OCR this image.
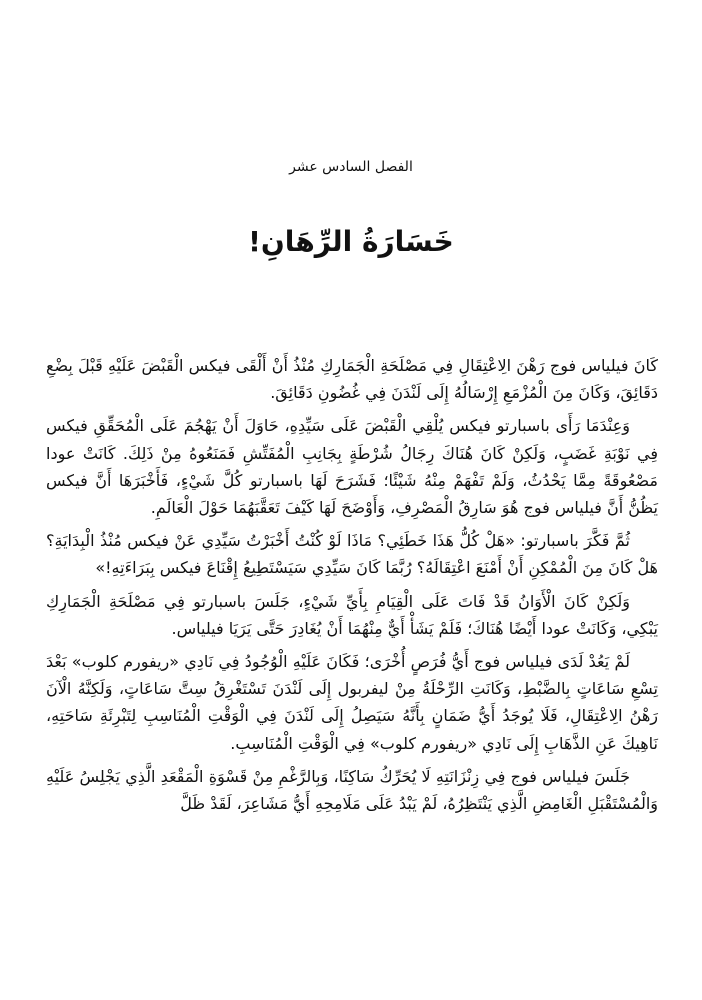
الفصل السادس عشر
خَسَارَةُ الرِّهَانِ!

كَانَ فيلياس فوج رَهْنَ الِاعْتِقَالِ فِي مَصْلَحَةِ الْجَمَارِكِ مُنْذُ أَنْ أَلْقَى فيكس الْقَبْضَ عَلَيْهِ قَبْلَ بِضْعِ دَقَائِقَ، وَكَانَ مِنَ الْمُزْمَعِ إِرْسَالُهُ إِلَى لَنْدَنَ فِي غُضُونِ دَقَائِقَ.

وَعِنْدَمَا رَأَى باسبارتو فيكس يُلْقِي الْقَبْضَ عَلَى سَيِّدِهِ، حَاوَلَ أَنْ يَهْجُمَ عَلَى الْمُحَقِّقِ فيكس فِي نَوْبَةِ غَضَبٍ، وَلَكِنْ كَانَ هُنَاكَ رِجَالُ شُرْطَةٍ بِجَانِبِ الْمُفَتِّشِ فَمَنَعُوهُ مِنْ ذَلِكَ. كَانَتْ عودا مَصْعُوقَةً مِمَّا يَحْدُثُ، وَلَمْ تَفْهَمْ مِنْهُ شَيْئًا؛ فَشَرَحَ لَهَا باسبارتو كُلَّ شَيْءٍ، فَأَخْبَرَهَا أَنَّ فيكس يَظُنُّ أَنَّ فيلياس فوج هُوَ سَارِقُ الْمَصْرِفِ، وَأَوْضَحَ لَهَا كَيْفَ تَعَقَّبَهُمَا حَوْلَ الْعَالَمِ.

ثُمَّ فَكَّرَ باسبارتو: «هَلْ كُلُّ هَذَا خَطَئِي؟ مَاذَا لَوْ كُنْتُ أَخْبَرْتُ سَيِّدِي عَنْ فيكس مُنْذُ الْبِدَايَةِ؟ هَلْ كَانَ مِنَ الْمُمْكِنِ أَنْ أَمْنَعَ اعْتِقَالَهُ؟ رُبَّمَا كَانَ سَيِّدِي سَيَسْتَطِيعُ إِقْنَاعَ فيكس بِبَرَاءَتِهِ!»

وَلَكِنْ كَانَ الْأَوَانُ قَدْ فَاتَ عَلَى الْقِيَامِ بِأَيِّ شَيْءٍ، جَلَسَ باسبارتو فِي مَصْلَحَةِ الْجَمَارِكِ يَبْكِي، وَكَانَتْ عودا أَيْضًا هُنَاكَ؛ فَلَمْ يَشَأْ أَيٌّ مِنْهُمَا أَنْ يُغَادِرَ حَتَّى يَرَيَا فيلياس.

لَمْ يَعُدْ لَدَى فيلياس فوج أَيُّ فُرَصٍ أُخْرَى؛ فَكَانَ عَلَيْهِ الْوُجُودُ فِي نَادِي «ريفورم كلوب» بَعْدَ تِسْعِ سَاعَاتٍ بِالضَّبْطِ، وَكَانَتِ الرِّحْلَةُ مِنْ ليفربول إِلَى لَنْدَنَ تَسْتَغْرِقُ سِتَّ سَاعَاتٍ، وَلَكِنَّهُ الْآنَ رَهْنُ الِاعْتِقَالِ، فَلَا يُوجَدُ أَيُّ ضَمَانٍ بِأَنَّهُ سَيَصِلُ إِلَى لَنْدَنَ فِي الْوَقْتِ الْمُنَاسِبِ لِتَبْرِئَةِ سَاحَتِهِ، نَاهِيكَ عَنِ الذَّهَابِ إِلَى نَادِي «ريفورم كلوب» فِي الْوَقْتِ الْمُنَاسِبِ.

جَلَسَ فيلياس فوج فِي زِنْزَانَتِهِ لَا يُحَرِّكُ سَاكِنًا، وَبِالرَّغْمِ مِنْ قَسْوَةِ الْمَقْعَدِ الَّذِي يَجْلِسُ عَلَيْهِ وَالْمُسْتَقْبَلِ الْغَامِضِ الَّذِي يَنْتَظِرُهُ، لَمْ يَبْدُ عَلَى مَلَامِحِهِ أَيُّ مَشَاعِرَ، لَقَدْ ظَلَّ
